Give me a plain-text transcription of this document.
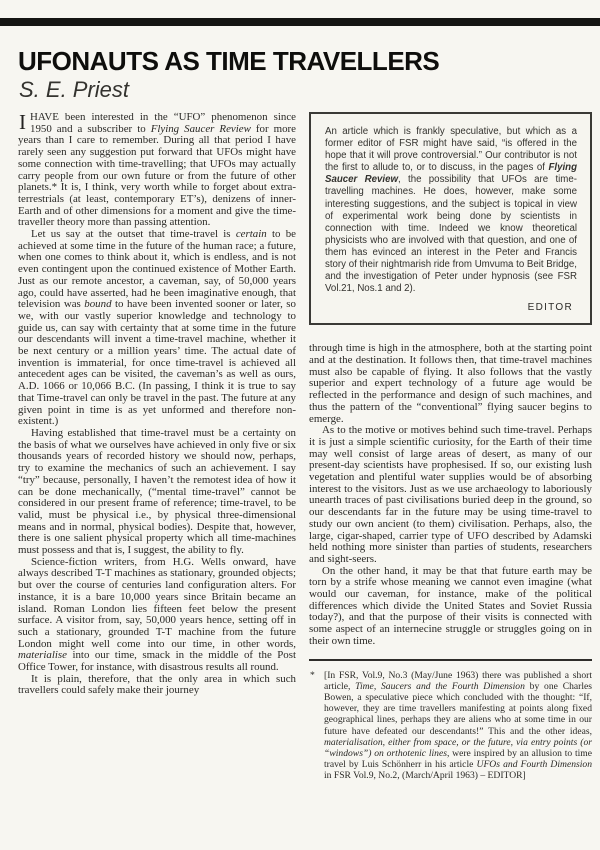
UFONAUTS AS TIME TRAVELLERS
S. E. Priest

IHAVE been interested in the “UFO” phenomenon since 1950 and a subscriber to Flying Saucer Review for more years than I care to remember. During all that period I have rarely seen any suggestion put forward that UFOs might have some connection with time-travelling; that UFOs may actually carry people from our own future or from the future of other planets.* It is, I think, very worth while to forget about extra-terrestrials (at least, contemporary ET’s), denizens of inner-Earth and of other dimensions for a moment and give the time-traveller theory more than passing attention.

Let us say at the outset that time-travel is certain to be achieved at some time in the future of the human race; a future, when one comes to think about it, which is endless, and is not even contingent upon the continued existence of Mother Earth. Just as our remote ancestor, a caveman, say, of 50,000 years ago, could have asserted, had he been imaginative enough, that television was bound to have been invented sooner or later, so we, with our vastly superior knowledge and technology to guide us, can say with certainty that at some time in the future our descendants will invent a time-travel machine, whether it be next century or a million years’ time. The actual date of invention is immaterial, for once time-travel is achieved all antecedent ages can be visited, the caveman’s as well as ours, A.D. 1066 or 10,066 B.C. (In passing, I think it is true to say that Time-travel can only be travel in the past. The future at any given point in time is as yet unformed and therefore non-existent.)

Having established that time-travel must be a certainty on the basis of what we ourselves have achieved in only five or six thousands years of recorded history we should now, perhaps, try to examine the mechanics of such an achievement. I say “try” because, personally, I haven’t the remotest idea of how it can be done mechanically, (“mental time-travel” cannot be considered in our present frame of reference; time-travel, to be valid, must be physical i.e., by physical three-dimensional means and in normal, physical bodies). Despite that, however, there is one salient physical property which all time-machines must possess and that is, I suggest, the ability to fly.

Science-fiction writers, from H.G. Wells onward, have always described T-T machines as stationary, grounded objects; but over the course of centuries land configuration alters. For instance, it is a bare 10,000 years since Britain became an island. Roman London lies fifteen feet below the present surface. A visitor from, say, 50,000 years hence, setting off in such a stationary, grounded T-T machine from the future London might well come into our time, in other words, materialise into our time, smack in the middle of the Post Office Tower, for instance, with disastrous results all round.

It is plain, therefore, that the only area in which such travellers could safely make their journey

An article which is frankly speculative, but which as a former editor of FSR might have said, “is offered in the hope that it will prove controversial.” Our contributor is not the first to allude to, or to discuss, in the pages of Flying Saucer Review, the possibility that UFOs are time-travelling machines. He does, however, make some interesting suggestions, and the subject is topical in view of experimental work being done by scientists in connection with time. Indeed we know theoretical physicists who are involved with that question, and one of them has evinced an interest in the Peter and Francis story of their nightmarish ride from Umvuma to Beit Bridge, and the investigation of Peter under hypnosis (see FSR Vol.21, Nos.1 and 2).

EDITOR

through time is high in the atmosphere, both at the starting point and at the destination. It follows then, that time-travel machines must also be capable of flying. It also follows that the vastly superior and expert technology of a future age would be reflected in the performance and design of such machines, and thus the pattern of the “conventional” flying saucer begins to emerge.

As to the motive or motives behind such time-travel. Perhaps it is just a simple scientific curiosity, for the Earth of their time may well consist of large areas of desert, as many of our present-day scientists have prophesised. If so, our existing lush vegetation and plentiful water supplies would be of absorbing interest to the visitors. Just as we use archaeology to laboriously unearth traces of past civilisations buried deep in the ground, so our descendants far in the future may be using time-travel to study our own ancient (to them) civilisation. Perhaps, also, the large, cigar-shaped, carrier type of UFO described by Adamski held nothing more sinister than parties of students, researchers and sight-seers.

On the other hand, it may be that that future earth may be torn by a strife whose meaning we cannot even imagine (what would our caveman, for instance, make of the political differences which divide the United States and Soviet Russia today?), and that the purpose of their visits is connected with some aspect of an internecine struggle or struggles going on in their own time.

* [In FSR, Vol.9, No.3 (May/June 1963) there was published a short article, Time, Saucers and the Fourth Dimension by one Charles Bowen, a speculative piece which concluded with the thought: “If, however, they are time travellers manifesting at points along fixed geographical lines, perhaps they are aliens who at some time in our future have defeated our descendants!” This and the other ideas, materialisation, either from space, or the future, via entry points (or “windows”) on orthotenic lines, were inspired by an allusion to time travel by Luis Schönherr in his article UFOs and Fourth Dimension in FSR Vol.9, No.2, (March/April 1963) – EDITOR]
